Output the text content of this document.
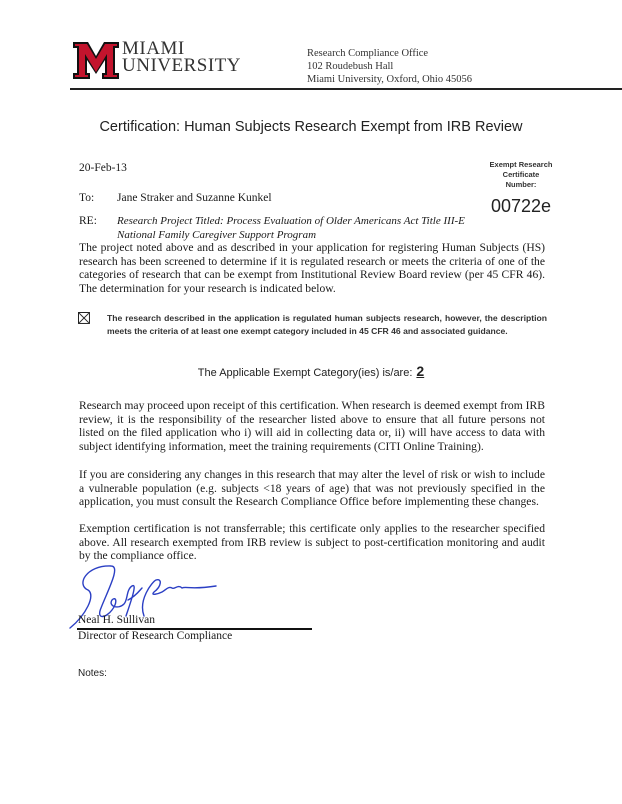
MIAMI
UNIVERSITY
Research Compliance Office
102 Roudebush Hall
Miami University, Oxford, Ohio 45056
Certification: Human Subjects Research Exempt from IRB Review
20-Feb-13
To: Jane Straker and Suzanne Kunkel
RE: Research Project Titled: Process Evaluation of Older Americans Act Title III-E National Family Caregiver Support Program
Exempt Research
Certificate
Number:
00722e
The project noted above and as described in your application for registering Human Subjects (HS) research has been screened to determine if it is regulated research or meets the criteria of one of the categories of research that can be exempt from Institutional Review Board review (per 45 CFR 46). The determination for your research is indicated below.
The research described in the application is regulated human subjects research, however, the description meets the criteria of at least one exempt category included in 45 CFR 46 and associated guidance.
The Applicable Exempt Category(ies) is/are: 2
Research may proceed upon receipt of this certification. When research is deemed exempt from IRB review, it is the responsibility of the researcher listed above to ensure that all future persons not listed on the filed application who i) will aid in collecting data or, ii) will have access to data with subject identifying information, meet the training requirements (CITI Online Training).
If you are considering any changes in this research that may alter the level of risk or wish to include a vulnerable population (e.g. subjects <18 years of age) that was not previously specified in the application, you must consult the Research Compliance Office before implementing these changes.
Exemption certification is not transferrable; this certificate only applies to the researcher specified above. All research exempted from IRB review is subject to post-certification monitoring and audit by the compliance office.
Neal H. Sullivan
Director of Research Compliance
Notes:
